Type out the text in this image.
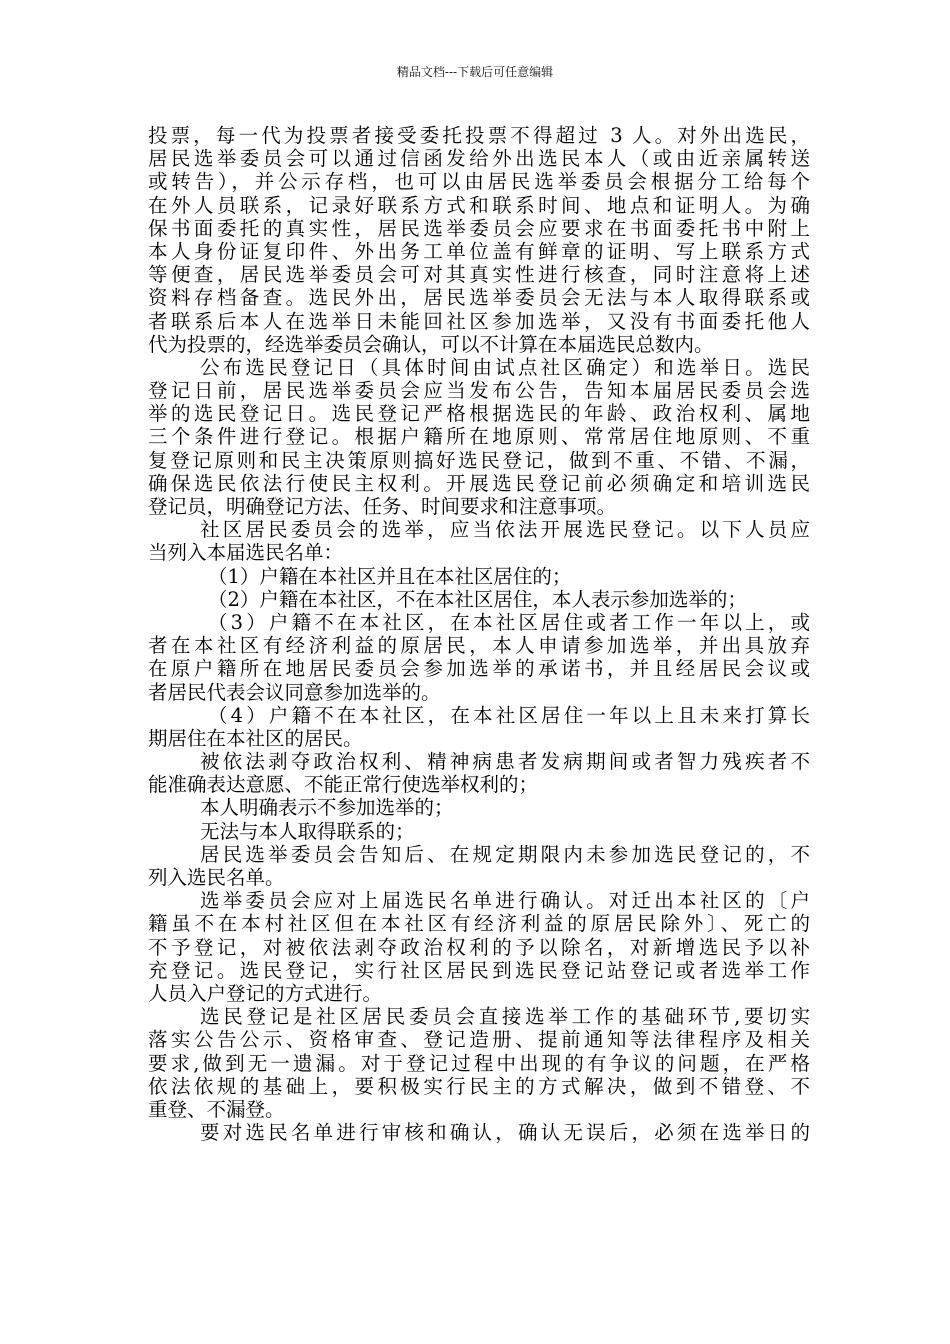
精品文档---下载后可任意编辑
投票，每一代为投票者接受委托投票不得超过 3 人。对外出选民，
居民选举委员会可以通过信函发给外出选民本人（或由近亲属转送
或转告），并公示存档，也可以由居民选举委员会根据分工给每个
在外人员联系，记录好联系方式和联系时间、地点和证明人。为确
保书面委托的真实性，居民选举委员会应要求在书面委托书中附上
本人身份证复印件、外出务工单位盖有鲜章的证明、写上联系方式
等便查，居民选举委员会可对其真实性进行核查，同时注意将上述
资料存档备查。选民外出，居民选举委员会无法与本人取得联系或
者联系后本人在选举日未能回社区参加选举，又没有书面委托他人
代为投票的，经选举委员会确认，可以不计算在本届选民总数内。
公布选民登记日（具体时间由试点社区确定）和选举日。选民
登记日前，居民选举委员会应当发布公告，告知本届居民委员会选
举的选民登记日。选民登记严格根据选民的年龄、政治权利、属地
三个条件进行登记。根据户籍所在地原则、常常居住地原则、不重
复登记原则和民主决策原则搞好选民登记，做到不重、不错、不漏，
确保选民依法行使民主权利。开展选民登记前必须确定和培训选民
登记员，明确登记方法、任务、时间要求和注意事项。
社区居民委员会的选举，应当依法开展选民登记。以下人员应
当列入本届选民名单：
（1）户籍在本社区并且在本社区居住的；
（2）户籍在本社区，不在本社区居住，本人表示参加选举的；
（3）户籍不在本社区，在本社区居住或者工作一年以上，或
者在本社区有经济利益的原居民，本人申请参加选举，并出具放弃
在原户籍所在地居民委员会参加选举的承诺书，并且经居民会议或
者居民代表会议同意参加选举的。
（4）户籍不在本社区，在本社区居住一年以上且未来打算长
期居住在本社区的居民。
被依法剥夺政治权利、精神病患者发病期间或者智力残疾者不
能准确表达意愿、不能正常行使选举权利的；
本人明确表示不参加选举的；
无法与本人取得联系的；
居民选举委员会告知后、在规定期限内未参加选民登记的，不
列入选民名单。
选举委员会应对上届选民名单进行确认。对迁出本社区的〔户
籍虽不在本村社区但在本社区有经济利益的原居民除外〕、死亡的
不予登记，对被依法剥夺政治权利的予以除名，对新增选民予以补
充登记。选民登记，实行社区居民到选民登记站登记或者选举工作
人员入户登记的方式进行。
选民登记是社区居民委员会直接选举工作的基础环节,要切实
落实公告公示、资格审查、登记造册、提前通知等法律程序及相关
要求,做到无一遗漏。对于登记过程中出现的有争议的问题，在严格
依法依规的基础上，要积极实行民主的方式解决，做到不错登、不
重登、不漏登。
要对选民名单进行审核和确认，确认无误后，必须在选举日的
